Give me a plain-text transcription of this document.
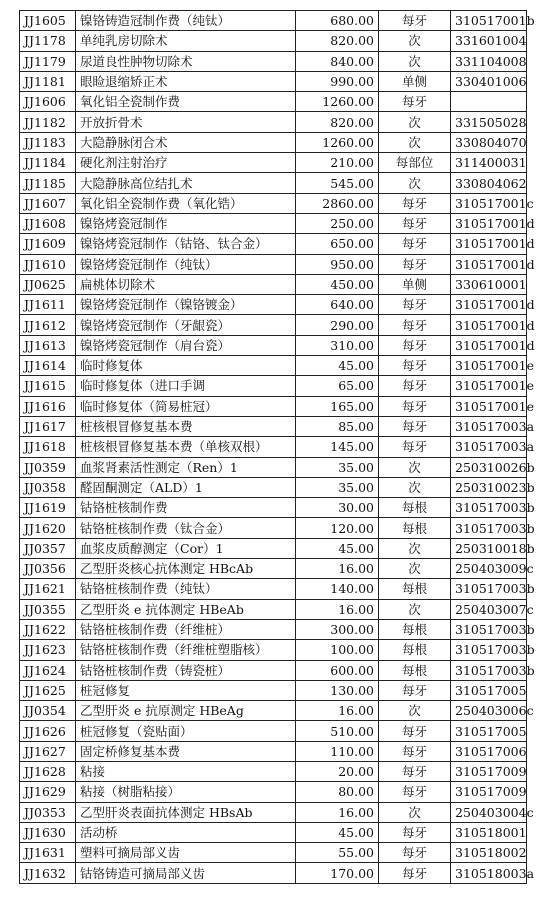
JJ1605	镍铬铸造冠制作费（纯钛）	680.00	每牙	310517001b
JJ1178	单纯乳房切除术	820.00	次	331601004
JJ1179	尿道良性肿物切除术	840.00	次	331104008
JJ1181	眼睑退缩矫正术	990.00	单侧	330401006
JJ1606	氧化铝全瓷制作费	1260.00	每牙	
JJ1182	开放折骨术	820.00	次	331505028
JJ1183	大隐静脉闭合术	1260.00	次	330804070
JJ1184	硬化剂注射治疗	210.00	每部位	311400031
JJ1185	大隐静脉高位结扎术	545.00	次	330804062
JJ1607	氧化铝全瓷制作费（氧化锆）	2860.00	每牙	310517001c
JJ1608	镍铬烤瓷冠制作	250.00	每牙	310517001d
JJ1609	镍铬烤瓷冠制作（钴铬、钛合金）	650.00	每牙	310517001d
JJ1610	镍铬烤瓷冠制作（纯钛）	950.00	每牙	310517001d
JJ0625	扁桃体切除术	450.00	单侧	330610001
JJ1611	镍铬烤瓷冠制作（镍铬镀金）	640.00	每牙	310517001d
JJ1612	镍铬烤瓷冠制作（牙龈瓷）	290.00	每牙	310517001d
JJ1613	镍铬烤瓷冠制作（肩台瓷）	310.00	每牙	310517001d
JJ1614	临时修复体	45.00	每牙	310517001e
JJ1615	临时修复体（进口手调	65.00	每牙	310517001e
JJ1616	临时修复体（简易桩冠）	165.00	每牙	310517001e
JJ1617	桩核根冒修复基本费	85.00	每牙	310517003a
JJ1618	桩核根冒修复基本费（单核双根）	145.00	每牙	310517003a
JJ0359	血浆肾素活性测定（Ren）1	35.00	次	250310026b
JJ0358	醛固酮测定（ALD）1	35.00	次	250310023b
JJ1619	钴铬桩核制作费	30.00	每根	310517003b
JJ1620	钴铬桩核制作费（钛合金）	120.00	每根	310517003b
JJ0357	血浆皮质醇测定（Cor）1	45.00	次	250310018b
JJ0356	乙型肝炎核心抗体测定 HBcAb	16.00	次	250403009c
JJ1621	钴铬桩核制作费（纯钛）	140.00	每根	310517003b
JJ0355	乙型肝炎 e 抗体测定 HBeAb	16.00	次	250403007c
JJ1622	钴铬桩核制作费（纤维桩）	300.00	每根	310517003b
JJ1623	钴铬桩核制作费（纤维桩塑脂核）	100.00	每根	310517003b
JJ1624	钴铬桩核制作费（铸瓷桩）	600.00	每根	310517003b
JJ1625	桩冠修复	130.00	每牙	310517005
JJ0354	乙型肝炎 e 抗原测定 HBeAg	16.00	次	250403006c
JJ1626	桩冠修复（瓷贴面）	510.00	每牙	310517005
JJ1627	固定桥修复基本费	110.00	每牙	310517006
JJ1628	粘接	20.00	每牙	310517009
JJ1629	粘接（树脂粘接）	80.00	每牙	310517009
JJ0353	乙型肝炎表面抗体测定 HBsAb	16.00	次	250403004c
JJ1630	活动桥	45.00	每牙	310518001
JJ1631	塑料可摘局部义齿	55.00	每牙	310518002
JJ1632	钴铬铸造可摘局部义齿	170.00	每牙	310518003a
